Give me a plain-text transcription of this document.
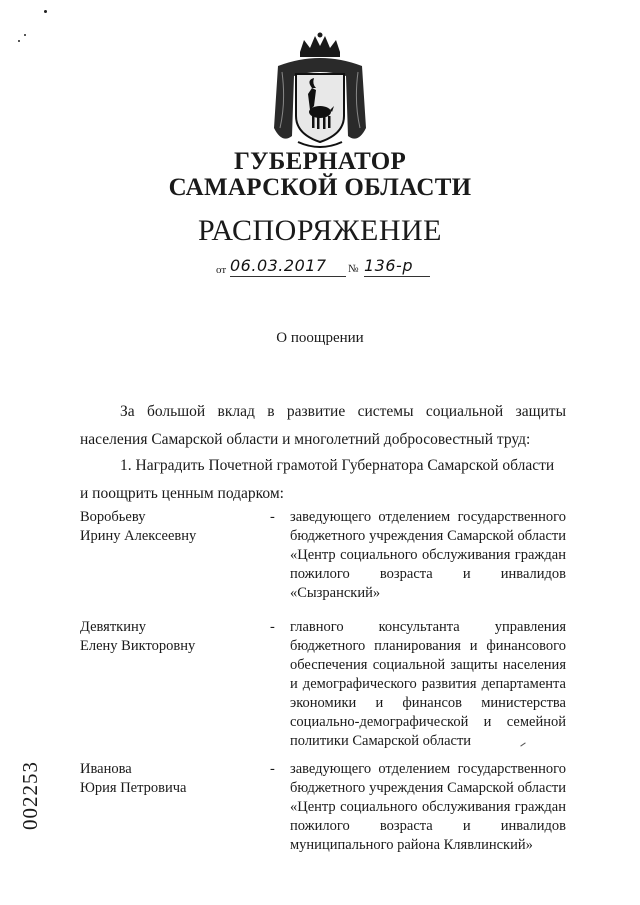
ГУБЕРНАТОР
САМАРСКОЙ ОБЛАСТИ
РАСПОРЯЖЕНИЕ
от 06.03.2017	№ 136-р
О поощрении
За большой вклад в развитие системы социальной защиты населения Самарской области и многолетний добросовестный труд:
1. Наградить Почетной грамотой Губернатора Самарской области и поощрить ценным подарком:
Воробьеву
Ирину Алексеевну
- заведующего отделением государственного бюджетного учреждения Самарской области «Центр социального обслуживания граждан пожилого возраста и инвалидов «Сызранский»
Девяткину
Елену Викторовну
- главного консультанта управления бюджетного планирования и финансового обеспечения социальной защиты населения и демографического развития департамента экономики и финансов министерства социально-демографической и семейной политики Самарской области
Иванова
Юрия Петровича
- заведующего отделением государственного бюджетного учреждения Самарской области «Центр социального обслуживания граждан пожилого возраста и инвалидов муниципального района Клявлинский»
002253
